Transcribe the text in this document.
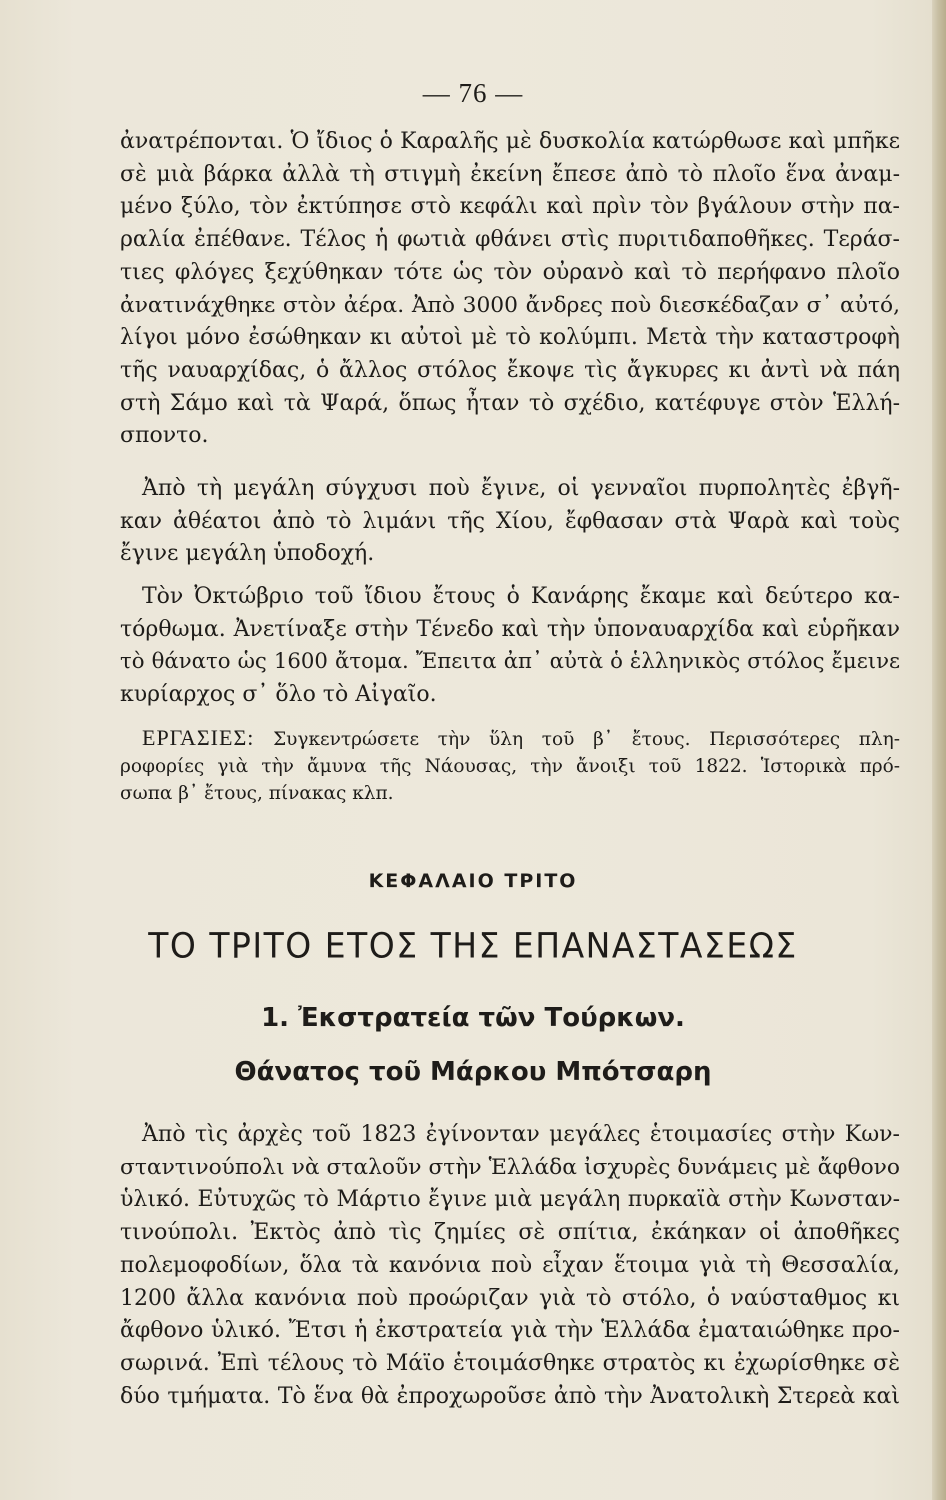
— 76 —
ἀνατρέπονται. Ὁ ἴδιος ὁ Καραλῆς μὲ δυσκολία κατώρθωσε καὶ μπῆκε
σὲ μιὰ βάρκα ἀλλὰ τὴ στιγμὴ ἐκείνη ἔπεσε ἀπὸ τὸ πλοῖο ἕνα ἀναμ-
μένο ξύλο, τὸν ἐκτύπησε στὸ κεφάλι καὶ πρὶν τὸν βγάλουν στὴν πα-
ραλία ἐπέθανε. Τέλος ἡ φωτιὰ φθάνει στὶς πυριτιδαποθῆκες. Τεράσ-
τιες φλόγες ξεχύθηκαν τότε ὡς τὸν οὐρανὸ καὶ τὸ περήφανο πλοῖο
ἀνατινάχθηκε στὸν ἀέρα. Ἀπὸ 3000 ἄνδρες ποὺ διεσκέδαζαν σ᾽ αὐτό,
λίγοι μόνο ἐσώθηκαν κι αὐτοὶ μὲ τὸ κολύμπι. Μετὰ τὴν καταστροφὴ
τῆς ναυαρχίδας, ὁ ἄλλος στόλος ἔκοψε τὶς ἄγκυρες κι ἀντὶ νὰ πάη
στὴ Σάμο καὶ τὰ Ψαρά, ὅπως ἦταν τὸ σχέδιο, κατέφυγε στὸν Ἑλλή-
σποντο.
Ἀπὸ τὴ μεγάλη σύγχυσι ποὺ ἔγινε, οἱ γενναῖοι πυρπολητὲς ἐβγῆ-
καν ἀθέατοι ἀπὸ τὸ λιμάνι τῆς Χίου, ἔφθασαν στὰ Ψαρὰ καὶ τοὺς
ἔγινε μεγάλη ὑποδοχή.
Τὸν Ὀκτώβριο τοῦ ἴδιου ἔτους ὁ Κανάρης ἔκαμε καὶ δεύτερο κα-
τόρθωμα. Ἀνετίναξε στὴν Τένεδο καὶ τὴν ὑποναυαρχίδα καὶ εὑρῆκαν
τὸ θάνατο ὡς 1600 ἄτομα. Ἔπειτα ἀπ᾽ αὐτὰ ὁ ἑλληνικὸς στόλος ἔμεινε
κυρίαρχος σ᾽ ὅλο τὸ Αἰγαῖο.
ΕΡΓΑΣΙΕΣ: Συγκεντρώσετε τὴν ὕλη τοῦ β᾽ ἔτους. Περισσότερες πλη-
ροφορίες γιὰ τὴν ἄμυνα τῆς Νάουσας, τὴν ἄνοιξι τοῦ 1822. Ἱστορικὰ πρό-
σωπα β᾽ ἔτους, πίνακας κλπ.
ΚΕΦΑΛΑΙΟ ΤΡΙΤΟ
ΤΟ ΤΡΙΤΟ ΕΤΟΣ ΤΗΣ ΕΠΑΝΑΣΤΑΣΕΩΣ
1. Ἐκστρατεία τῶν Τούρκων.
Θάνατος τοῦ Μάρκου Μπότσαρη
Ἀπὸ τὶς ἀρχὲς τοῦ 1823 ἐγίνονταν μεγάλες ἑτοιμασίες στὴν Κων-
σταντινούπολι νὰ σταλοῦν στὴν Ἑλλάδα ἰσχυρὲς δυνάμεις μὲ ἄφθονο
ὑλικό. Εὐτυχῶς τὸ Μάρτιο ἔγινε μιὰ μεγάλη πυρκαϊὰ στὴν Κωνσταν-
τινούπολι. Ἐκτὸς ἀπὸ τὶς ζημίες σὲ σπίτια, ἐκάηκαν οἱ ἀποθῆκες
πολεμοφοδίων, ὅλα τὰ κανόνια ποὺ εἶχαν ἕτοιμα γιὰ τὴ Θεσσαλία,
1200 ἄλλα κανόνια ποὺ προώριζαν γιὰ τὸ στόλο, ὁ ναύσταθμος κι
ἄφθονο ὑλικό. Ἔτσι ἡ ἐκστρατεία γιὰ τὴν Ἑλλάδα ἐματαιώθηκε προ-
σωρινά. Ἐπὶ τέλους τὸ Μάϊο ἑτοιμάσθηκε στρατὸς κι ἐχωρίσθηκε σὲ
δύο τμήματα. Τὸ ἕνα θὰ ἐπροχωροῦσε ἀπὸ τὴν Ἀνατολικὴ Στερεὰ καὶ
